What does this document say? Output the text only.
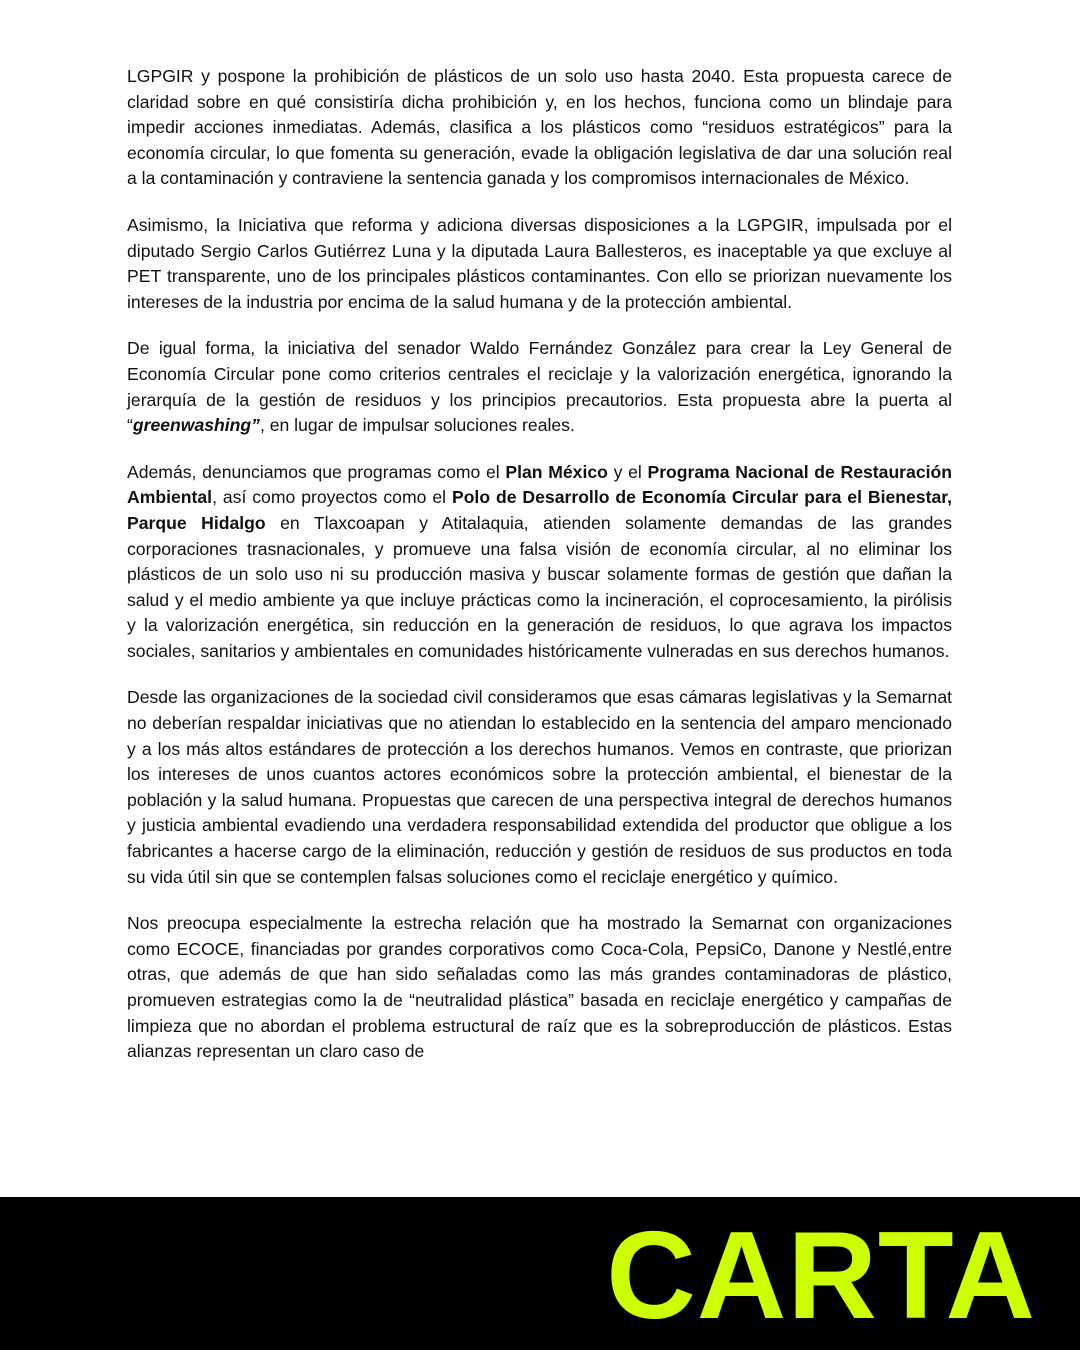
LGPGIR y pospone la prohibición de plásticos de un solo uso hasta 2040. Esta propuesta carece de claridad sobre en qué consistiría dicha prohibición y, en los hechos, funciona como un blindaje para impedir acciones inmediatas. Además, clasifica a los plásticos como “residuos estratégicos” para la economía circular, lo que fomenta su generación, evade la obligación legislativa de dar una solución real a la contaminación y contraviene la sentencia ganada y los compromisos internacionales de México.

Asimismo, la Iniciativa que reforma y adiciona diversas disposiciones a la LGPGIR, impulsada por el diputado Sergio Carlos Gutiérrez Luna y la diputada Laura Ballesteros, es inaceptable ya que excluye al PET transparente, uno de los principales plásticos contaminantes. Con ello se priorizan nuevamente los intereses de la industria por encima de la salud humana y de la protección ambiental.

De igual forma, la iniciativa del senador Waldo Fernández González para crear la Ley General de Economía Circular pone como criterios centrales el reciclaje y la valorización energética, ignorando la jerarquía de la gestión de residuos y los principios precautorios. Esta propuesta abre la puerta al “greenwashing”, en lugar de impulsar soluciones reales.

Además, denunciamos que programas como el Plan México y el Programa Nacional de Restauración Ambiental, así como proyectos como el Polo de Desarrollo de Economía Circular para el Bienestar, Parque Hidalgo en Tlaxcoapan y Atitalaquia, atienden solamente demandas de las grandes corporaciones trasnacionales, y promueve una falsa visión de economía circular, al no eliminar los plásticos de un solo uso ni su producción masiva y buscar solamente formas de gestión que dañan la salud y el medio ambiente ya que incluye prácticas como la incineración, el coprocesamiento, la pirólisis y la valorización energética, sin reducción en la generación de residuos, lo que agrava los impactos sociales, sanitarios y ambientales en comunidades históricamente vulneradas en sus derechos humanos.

Desde las organizaciones de la sociedad civil consideramos que esas cámaras legislativas y la Semarnat no deberían respaldar iniciativas que no atiendan lo establecido en la sentencia del amparo mencionado y a los más altos estándares de protección a los derechos humanos. Vemos en contraste, que priorizan los intereses de unos cuantos actores económicos sobre la protección ambiental, el bienestar de la población y la salud humana. Propuestas que carecen de una perspectiva integral de derechos humanos y justicia ambiental evadiendo una verdadera responsabilidad extendida del productor que obligue a los fabricantes a hacerse cargo de la eliminación, reducción y gestión de residuos de sus productos en toda su vida útil sin que se contemplen falsas soluciones como el reciclaje energético y químico.

Nos preocupa especialmente la estrecha relación que ha mostrado la Semarnat con organizaciones como ECOCE, financiadas por grandes corporativos como Coca-Cola, PepsiCo, Danone y Nestlé,entre otras, que además de que han sido señaladas como las más grandes contaminadoras de plástico, promueven estrategias como la de “neutralidad plástica” basada en reciclaje energético y campañas de limpieza que no abordan el problema estructural de raíz que es la sobreproducción de plásticos. Estas alianzas representan un claro caso de

CARTA
